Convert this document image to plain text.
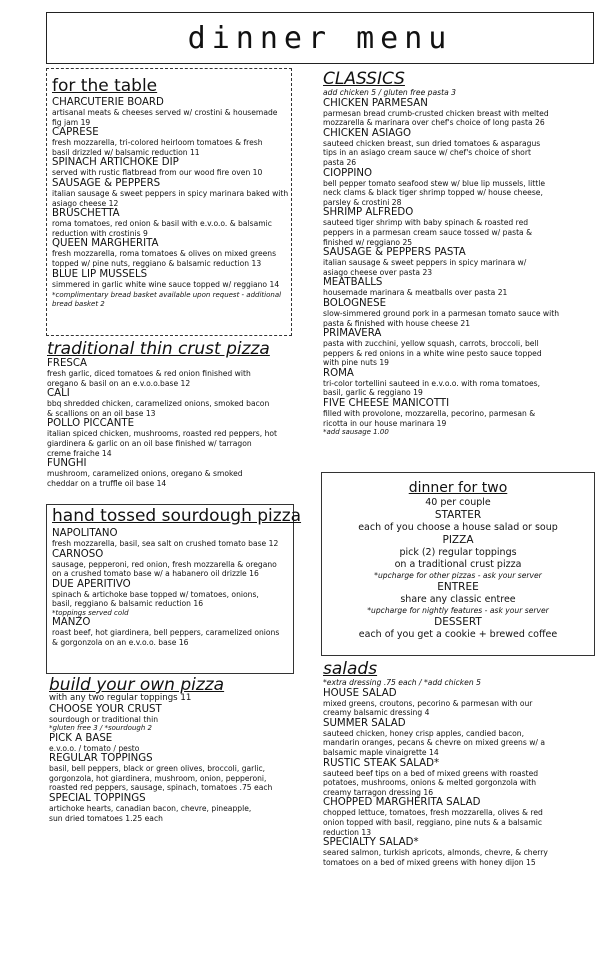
dinner menu
for the table
CHARCUTERIE BOARD
artisanal meats & cheeses served w/ crostini & housemade
fig jam 19
CAPRESE
fresh mozzarella, tri-colored heirloom tomatoes & fresh
basil drizzled w/ balsamic reduction 11
SPINACH ARTICHOKE DIP
served with rustic flatbread from our wood fire oven 10
SAUSAGE & PEPPERS
italian sausage & sweet peppers in spicy marinara baked with
asiago cheese 12
BRUSCHETTA
roma tomatoes, red onion & basil with e.v.o.o. & balsamic
reduction with crostinis 9
QUEEN MARGHERITA
fresh mozzarella, roma tomatoes & olives on mixed greens
topped w/ pine nuts, reggiano & balsamic reduction 13
BLUE LIP MUSSELS
simmered in garlic white wine sauce topped w/ reggiano 14
*complimentary bread basket available upon request - additional
bread basket 2
traditional thin crust pizza
FRESCA
fresh garlic, diced tomatoes & red onion finished with
oregano & basil on an e.v.o.o.base 12
CALI
bbq shredded chicken, caramelized onions, smoked bacon
& scallions on an oil base 13
POLLO PICCANTE
italian spiced chicken, mushrooms, roasted red peppers, hot
giardinera & garlic on an oil base finished w/ tarragon
creme fraiche 14
FUNGHI
mushroom, caramelized onions, oregano & smoked
cheddar on a truffle oil base 14
hand tossed sourdough pizza
NAPOLITANO
fresh mozzarella, basil, sea salt on crushed tomato base 12
CARNOSO
sausage, pepperoni, red onion, fresh mozzarella & oregano
on a crushed tomato base w/ a habanero oil drizzle 16
DUE APERITIVO
spinach & artichoke base topped w/ tomatoes, onions,
basil, reggiano & balsamic reduction 16
*toppings served cold
MANZO
roast beef, hot giardinera, bell peppers, caramelized onions
& gorgonzola on an e.v.o.o. base 16
build your own pizza
with any two regular toppings 11
CHOOSE YOUR CRUST
sourdough or traditional thin
*gluten free 3 / *sourdough 2
PICK A BASE
e.v.o.o. / tomato / pesto
REGULAR TOPPINGS
basil, bell peppers, black or green olives, broccoli, garlic,
gorgonzola, hot giardinera, mushroom, onion, pepperoni,
roasted red peppers, sausage, spinach, tomatoes .75 each
SPECIAL TOPPINGS
artichoke hearts, canadian bacon, chevre, pineapple,
sun dried tomatoes 1.25 each
CLASSICS
add chicken 5 / gluten free pasta 3
CHICKEN PARMESAN
parmesan bread crumb-crusted chicken breast with melted
mozzarella & marinara over chef's choice of long pasta 26
CHICKEN ASIAGO
sauteed chicken breast, sun dried tomatoes & asparagus
tips in an asiago cream sauce w/ chef's choice of short
pasta 26
CIOPPINO
bell pepper tomato seafood stew w/ blue lip mussels, little
neck clams & black tiger shrimp topped w/ house cheese,
parsley & crostini 28
SHRIMP ALFREDO
sauteed tiger shrimp with baby spinach & roasted red
peppers in a parmesan cream sauce tossed w/ pasta &
finished w/ reggiano 25
SAUSAGE & PEPPERS PASTA
italian sausage & sweet peppers in spicy marinara w/
asiago cheese over pasta 23
MEATBALLS
housemade marinara & meatballs over pasta 21
BOLOGNESE
slow-simmered ground pork in a parmesan tomato sauce with
pasta & finished with house cheese 21
PRIMAVERA
pasta with zucchini, yellow squash, carrots, broccoli, bell
peppers & red onions in a white wine pesto sauce topped
with pine nuts 19
ROMA
tri-color tortellini sauteed in e.v.o.o. with roma tomatoes,
basil, garlic & reggiano 19
FIVE CHEESE MANICOTTI
filled with provolone, mozzarella, pecorino, parmesan &
ricotta in our house marinara 19
*add sausage 1.00
dinner for two
40 per couple
STARTER
each of you choose a house salad or soup
PIZZA
pick (2) regular toppings
on a traditional crust pizza
*upcharge for other pizzas - ask your server
ENTREE
share any classic entree
*upcharge for nightly features - ask your server
DESSERT
each of you get a cookie + brewed coffee
salads
*extra dressing .75 each / *add chicken 5
HOUSE SALAD
mixed greens, croutons, pecorino & parmesan with our
creamy balsamic dressing 4
SUMMER SALAD
sauteed chicken, honey crisp apples, candied bacon,
mandarin oranges, pecans & chevre on mixed greens w/ a
balsamic maple vinaigrette 14
RUSTIC STEAK SALAD*
sauteed beef tips on a bed of mixed greens with roasted
potatoes, mushrooms, onions & melted gorgonzola with
creamy tarragon dressing 16
CHOPPED MARGHERITA SALAD
chopped lettuce, tomatoes, fresh mozzarella, olives & red
onion topped with basil, reggiano, pine nuts & a balsamic
reduction 13
SPECIALTY SALAD*
seared salmon, turkish apricots, almonds, chevre, & cherry
tomatoes on a bed of mixed greens with honey dijon 15
